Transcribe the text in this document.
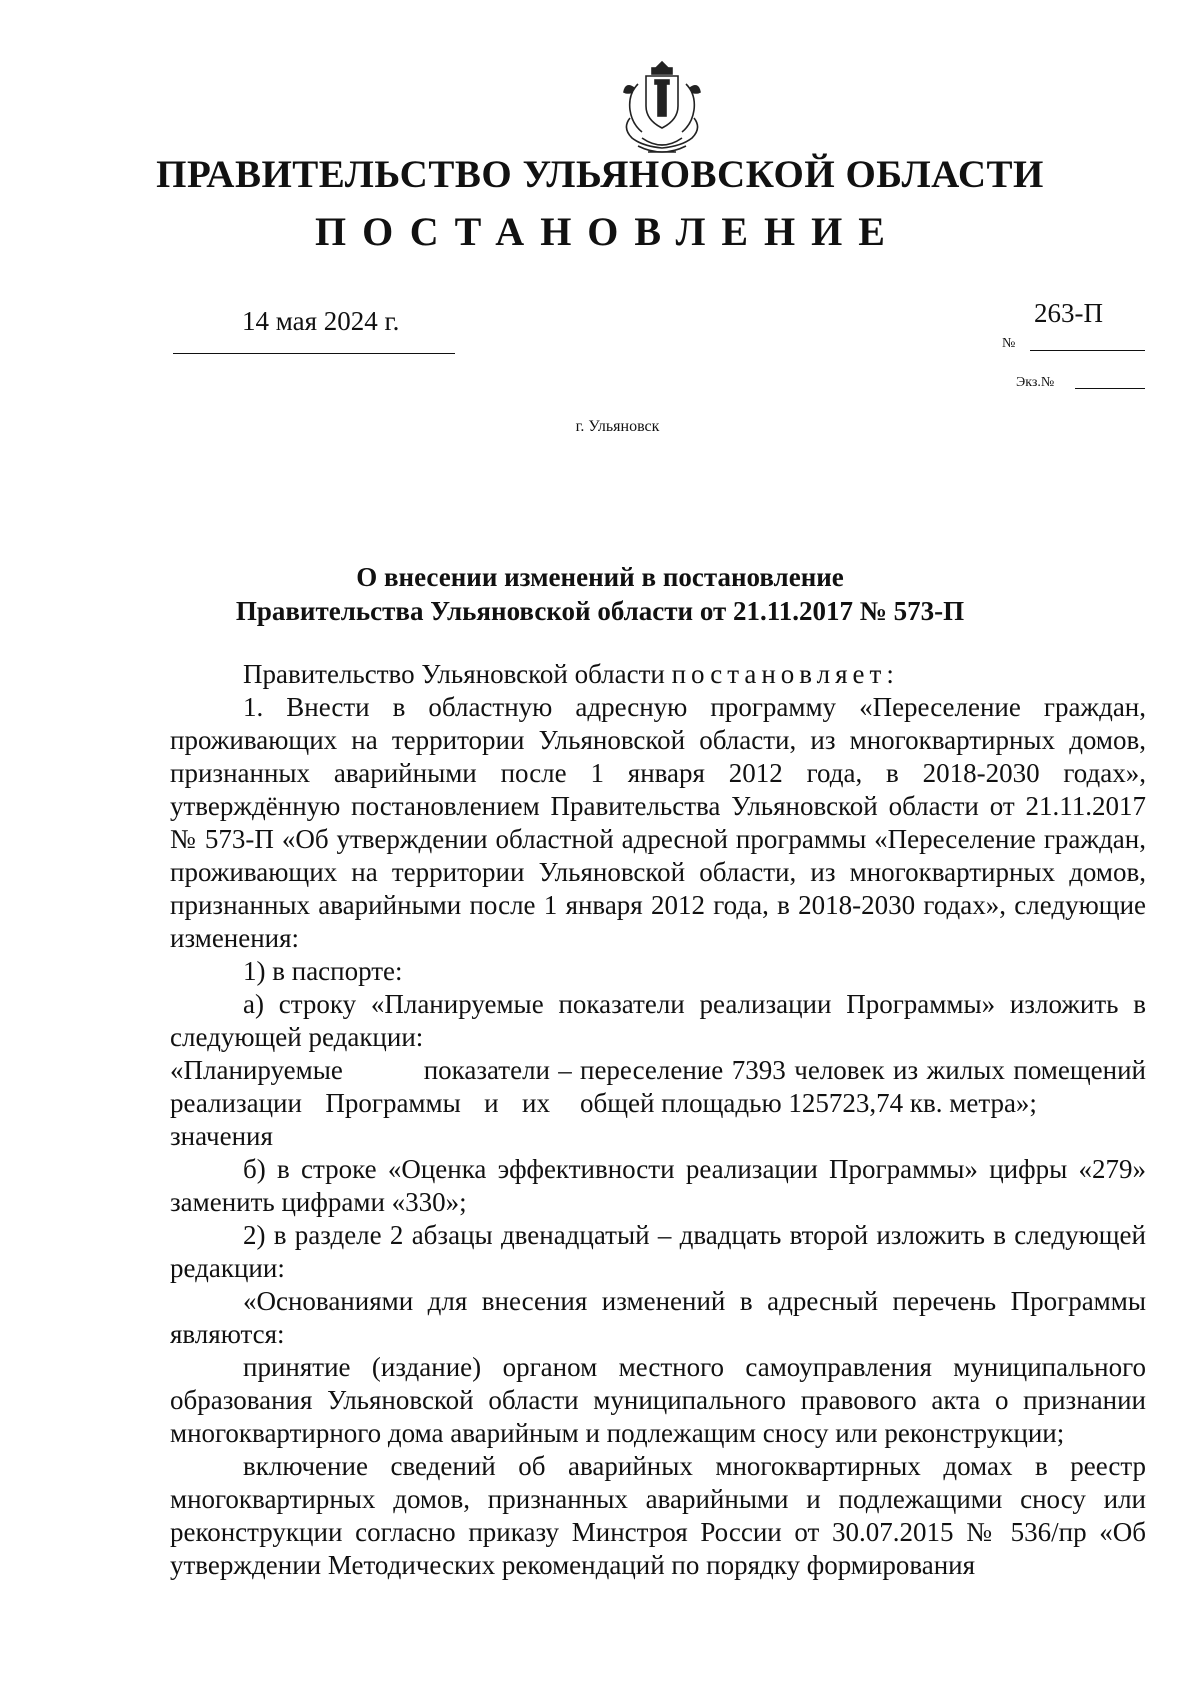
ПРАВИТЕЛЬСТВО УЛЬЯНОВСКОЙ ОБЛАСТИ
ПОСТАНОВЛЕНИЕ
14 мая 2024 г.	263-П
№
Экз.№
г. Ульяновск
О внесении изменений в постановление
Правительства Ульяновской области от 21.11.2017 № 573-П

Правительство Ульяновской области постановляет:

1. Внести в областную адресную программу «Переселение граждан, проживающих на территории Ульяновской области, из многоквартирных домов, признанных аварийными после 1 января 2012 года, в 2018-2030 годах», утверждённую постановлением Правительства Ульяновской области от 21.11.2017 № 573-П «Об утверждении областной адресной программы «Переселение граждан, проживающих на территории Ульяновской области, из многоквартирных домов, признанных аварийными после 1 января 2012 года, в 2018-2030 годах», следующие изменения:

1) в паспорте:

а) строку «Планируемые показатели реализации Программы» изложить в следующей редакции:

«Планируемые показатели реализации Программы и их значения
– переселение 7393 человек из жилых помещений общей площадью 125723,74 кв. метра»;

б) в строке «Оценка эффективности реализации Программы» цифры «279» заменить цифрами «330»;

2) в разделе 2 абзацы двенадцатый – двадцать второй изложить в следующей редакции:

«Основаниями для внесения изменений в адресный перечень Программы являются:

принятие (издание) органом местного самоуправления муниципального образования Ульяновской области муниципального правового акта о признании многоквартирного дома аварийным и подлежащим сносу или реконструкции;

включение сведений об аварийных многоквартирных домах в реестр многоквартирных домов, признанных аварийными и подлежащими сносу или реконструкции согласно приказу Минстроя России от 30.07.2015 № 536/пр «Об утверждении Методических рекомендаций по порядку формирования
